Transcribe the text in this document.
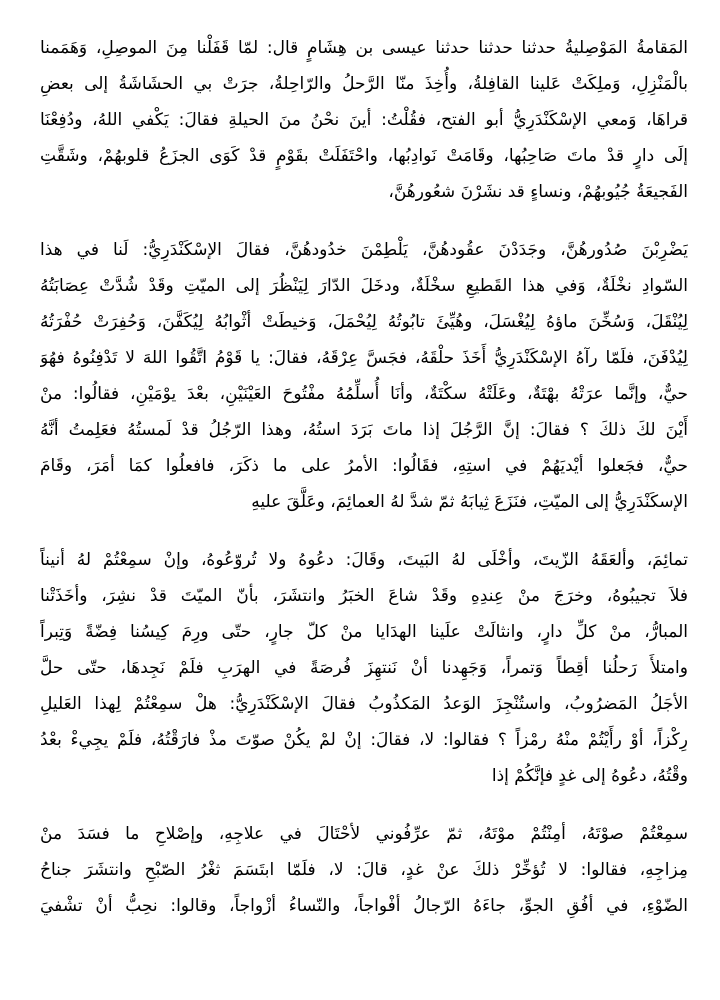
المَقامةُ المَوْصِليةُ حدثنا حدثنا حدثنا عيسى بن هِشَامٍ قال: لمّا قَفَلْنا مِنَ الموصِلِ، وَهَمَمنا
بالْمَنْزِلِ، وَملِكَتْ عَلينا القافِلةُ، وأُخِذَ منّا الرَّحلُ والرّاحِلةُ، جرَتْ بي الحشَاشَةُ إلى بعضِ
قراهَا، وَمعي الإسْكَنْدَرِيُّ أبو الفتح، فقُلْتُ: أينَ نحْنُ منَ الحيلةِ فقالَ: يَكْفي اللهُ، ودُفِعْنَا
إلَى دارٍ قدْ ماتَ صَاحِبُها، وقَامَتْ نَوادِبُها، واحْتَفَلَتْ بقَوْمٍ قدْ كَوَى الجزَعُ قلوبهُمْ، وشَقَّتِ
الفَجيعَةُ جُيُوبهُمْ، ونساءٍ قد نشَرْنَ شعُورهُنَّ،
يَضْرِبْنَ صُدُورهُنَّ، وجَدَدْنَ عقُودهُنَّ، يَلْطِمْنَ خدُودهُنَّ، فقالَ الإسْكَنْدَرِيُّ: لَنا في هذا
السّوادِ نخْلَةٌ، وَفي هذا القَطيعِ سخْلَةٌ، ودخَلَ الدّارَ لِيَنْظُرَ إلى الميّتِ وقَدْ شُدَّتْ عِصَابَتُهُ
لِيُنْقَلَ، وَسُخِّنَ ماؤهُ لِيُغْسَلَ، وهُيِّئَ تابُوتُهُ لِيُحْمَلَ، وَخيطَتْ أثْوابُهُ لِيُكَفَّنَ، وَحُفِرَتْ حُفْرَتُهُ
لِيُدْفَنَ، فلَمّا رآهُ الإسْكَنْدَرِيُّ أَخَذَ حلْقَهُ، فجَسَّ عِرْقَهُ، فقالَ: يا قَوْمُ اتَّقُوا اللهَ لا تَدْفِنُوهُ فهُوَ
حيٌّ، وإنَّما عرَتْهُ بهْتَةٌ، وعَلَتْهُ سكْتَةٌ، وأنَا أُسلِّمُهُ مفْتُوحَ العَيْنَيْنِ، بعْدَ يوْمَيْنِ، فقالُوا: منْ
أَيْنَ لكَ ذلكَ ؟ فقالَ: إنَّ الرَّجُلَ إذا ماتَ بَرَدَ استُهُ، وهذا الرّجُلُ قدْ لَمستُهُ فعَلِمتُ أنَّهُ
حيٌّ، فجَعلوا أيْديَهُمْ في استِهِ، فقَالُوا: الأمرُ على ما ذكَرَ، فافعلُوا كمَا أمَرَ، وقَامَ
الإسكَنْدَرِيُّ إلى الميّتِ، فنَزَعَ ثِيابَهُ ثمّ شدَّ لهُ العمائِمَ، وعَلَّقَ عليهِ
تمائِمَ، وألعَقَهُ الزّيتَ، وأخْلَى لهُ البَيتَ، وقَالَ: دعُوهُ ولا تُروّعُوهُ، وإنْ سمِعْتُمْ لهُ أنيناً
فلاَ تجيبُوهُ، وخرَجَ منْ عِندِهِ وقَدْ شاعَ الخبَرُ وانتشَرَ، بأنّ الميّتَ قدْ نشِرَ، وأخَذَتْنا
المبارُّ، منْ كلِّ دارٍ، وانثالَتْ علَينا الهدَايا منْ كلّ جارٍ، حتّى ورِمَ كِيسُنا فِضّةً وَتِبراً
وامتلأَ رَحلُنا أقِطاً وَتمراً، وَجَهِدنا أنْ نَنتهِزَ فُرصَةً في الهرَبِ فلَمْ نَجِدهَا، حتّى حلَّ
الأجَلُ المَضرُوبُ، واستُنْجِزَ الوَعدُ المَكذُوبُ فقالَ الإسْكَنْدَرِيُّ: هلْ سمِعْتُمْ لِهذا العَليلِ
رِكْزاً، أوْ رأَيْتُمْ منْهُ رمْزاً ؟ فقالوا: لا، فقالَ: إنْ لمْ يكُنْ صوّتَ مذْ فارَقْتُهُ، فلَمْ يجِيءْ بعْدُ
وقْتُهُ، دعُوهُ إلى غدٍ فإنَّكُمْ إذا
سمِعْتُمْ صوْتَهُ، أمِنْتُمْ موْتَهُ، ثمّ عرِّفُوني لأحْتَالَ في علاجِهِ، وإصْلاحِ ما فسَدَ منْ
مِزاجِهِ، فقالوا: لا تُؤخِّرْ ذلكَ عنْ غدٍ، قالَ: لا، فلَمّا ابتَسَمَ ثغْرُ الصّبْحِ وانتشَرَ جناحُ
الضّوْءِ، في أفُقِ الجوِّ، جاءَهُ الرّجالُ أفْواجاً، والنّساءُ أزْواجاً، وقالوا: نحِبُّ أنْ تشْفيَ
